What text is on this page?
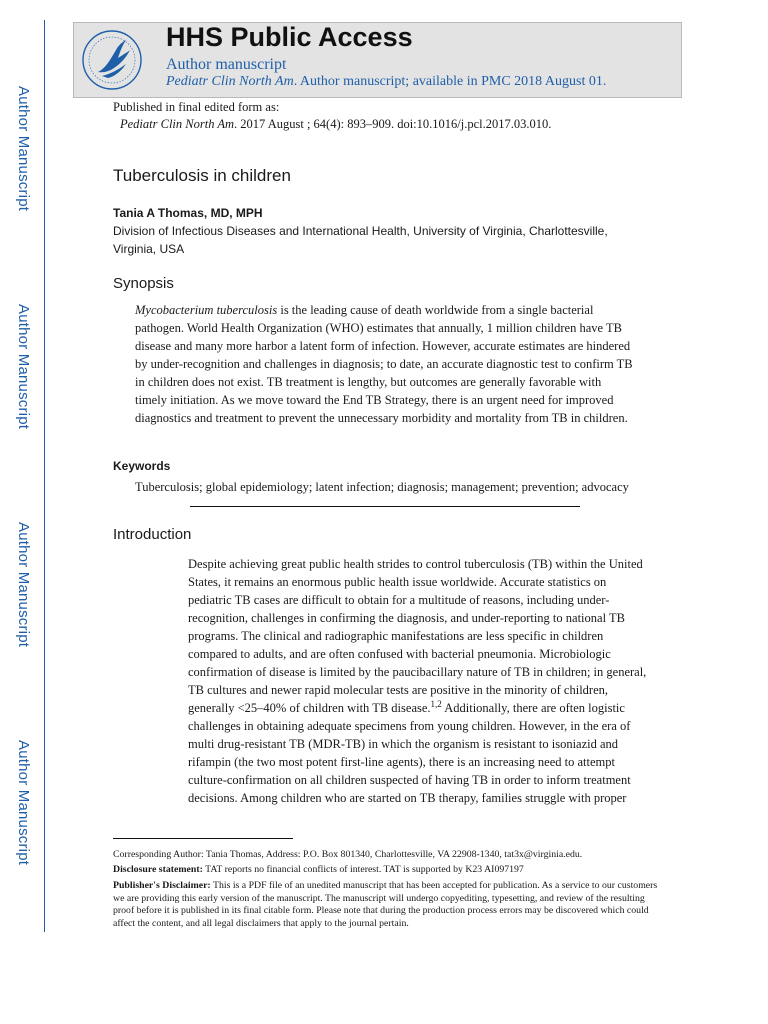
Author Manuscript
Author Manuscript
Author Manuscript
Author Manuscript
HHS Public Access
Author manuscript
Pediatr Clin North Am. Author manuscript; available in PMC 2018 August 01.
Published in final edited form as:
Pediatr Clin North Am. 2017 August ; 64(4): 893–909. doi:10.1016/j.pcl.2017.03.010.
Tuberculosis in children
Tania A Thomas, MD, MPH
Division of Infectious Diseases and International Health, University of Virginia, Charlottesville, Virginia, USA
Synopsis
Mycobacterium tuberculosis is the leading cause of death worldwide from a single bacterial pathogen. World Health Organization (WHO) estimates that annually, 1 million children have TB disease and many more harbor a latent form of infection. However, accurate estimates are hindered by under-recognition and challenges in diagnosis; to date, an accurate diagnostic test to confirm TB in children does not exist. TB treatment is lengthy, but outcomes are generally favorable with timely initiation. As we move toward the End TB Strategy, there is an urgent need for improved diagnostics and treatment to prevent the unnecessary morbidity and mortality from TB in children.
Keywords
Tuberculosis; global epidemiology; latent infection; diagnosis; management; prevention; advocacy
Introduction
Despite achieving great public health strides to control tuberculosis (TB) within the United States, it remains an enormous public health issue worldwide. Accurate statistics on pediatric TB cases are difficult to obtain for a multitude of reasons, including under-recognition, challenges in confirming the diagnosis, and under-reporting to national TB programs. The clinical and radiographic manifestations are less specific in children compared to adults, and are often confused with bacterial pneumonia. Microbiologic confirmation of disease is limited by the paucibacillary nature of TB in children; in general, TB cultures and newer rapid molecular tests are positive in the minority of children, generally <25–40% of children with TB disease.$^{1,2}$ Additionally, there are often logistic challenges in obtaining adequate specimens from young children. However, in the era of multi drug-resistant TB (MDR-TB) in which the organism is resistant to isoniazid and rifampin (the two most potent first-line agents), there is an increasing need to attempt culture-confirmation on all children suspected of having TB in order to inform treatment decisions. Among children who are started on TB therapy, families struggle with proper
Corresponding Author: Tania Thomas, Address: P.O. Box 801340, Charlottesville, VA 22908-1340, tat3x@virginia.edu.
Disclosure statement: TAT reports no financial conflicts of interest. TAT is supported by K23 AI097197
Publisher's Disclaimer: This is a PDF file of an unedited manuscript that has been accepted for publication. As a service to our customers we are providing this early version of the manuscript. The manuscript will undergo copyediting, typesetting, and review of the resulting proof before it is published in its final citable form. Please note that during the production process errors may be discovered which could affect the content, and all legal disclaimers that apply to the journal pertain.
